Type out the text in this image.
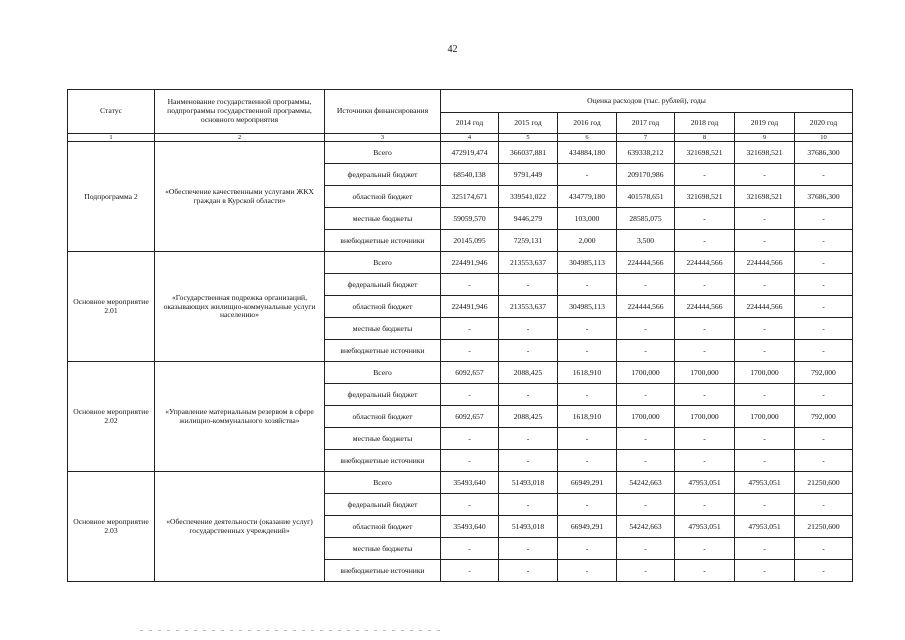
42
Статус	Наименование государственной программы, подпрограммы государственной программы, основного мероприятия	Источники финансирования	Оценка расходов (тыс. рублей), годы						
			2014 год	2015 год	2016 год	2017 год	2018 год	2019 год	2020 год
1	2	3	4	5	6	7	8	9	10
Подпрограмма 2	«Обеспечение качественными услугами ЖКХ граждан в Курской области»	Всего	472919,474	366037,881	434884,180	639338,212	321698,521	321698,521	37686,300
		федеральный бюджет	68540,138	9791,449	-	209170,986	-	-	-
		областной бюджет	325174,671	339541,022	434779,180	401578,651	321698,521	321698,521	37686,300
		местные бюджеты	59059,570	9446,279	103,000	28585,075	-	-	-
		внебюджетные источники	20145,095	7259,131	2,000	3,500	-	-	-
Основное мероприятие 2.01	«Государственная подрежка организаций, оказывающих жилищно-коммунальные услуги населению»	Всего	224491,946	213553,637	304985,113	224444,566	224444,566	224444,566	-
		федеральный бюджет	-	-	-	-	-	-	-
		областной бюджет	224491,946	213553,637	304985,113	224444,566	224444,566	224444,566	-
		местные бюджеты	-	-	-	-	-	-	-
		внебюджетные источники	-	-	-	-	-	-	-
Основное мероприятие 2.02	«Управление материальным резервом в сфере жилищно-коммунального хозяйства»	Всего	6092,657	2088,425	1618,910	1700,000	1700,000	1700,000	792,000
		федеральный бюджет	-	-	-	-	-	-	-
		областной бюджет	6092,657	2088,425	1618,910	1700,000	1700,000	1700,000	792,000
		местные бюджеты	-	-	-	-	-	-	-
		внебюджетные источники	-	-	-	-	-	-	-
Основное мероприятие 2.03	«Обеспечение деятельности (оказание услуг) государственных учреждений»	Всего	35493,640	51493,018	66949,291	54242,663	47953,051	47953,051	21250,600
		федеральный бюджет	-	-	-	-	-	-	-
		областной бюджет	35493,640	51493,018	66949,291	54242,663	47953,051	47953,051	21250,600
		местные бюджеты	-	-	-	-	-	-	-
		внебюджетные источники	-	-	-	-	-	-	-
